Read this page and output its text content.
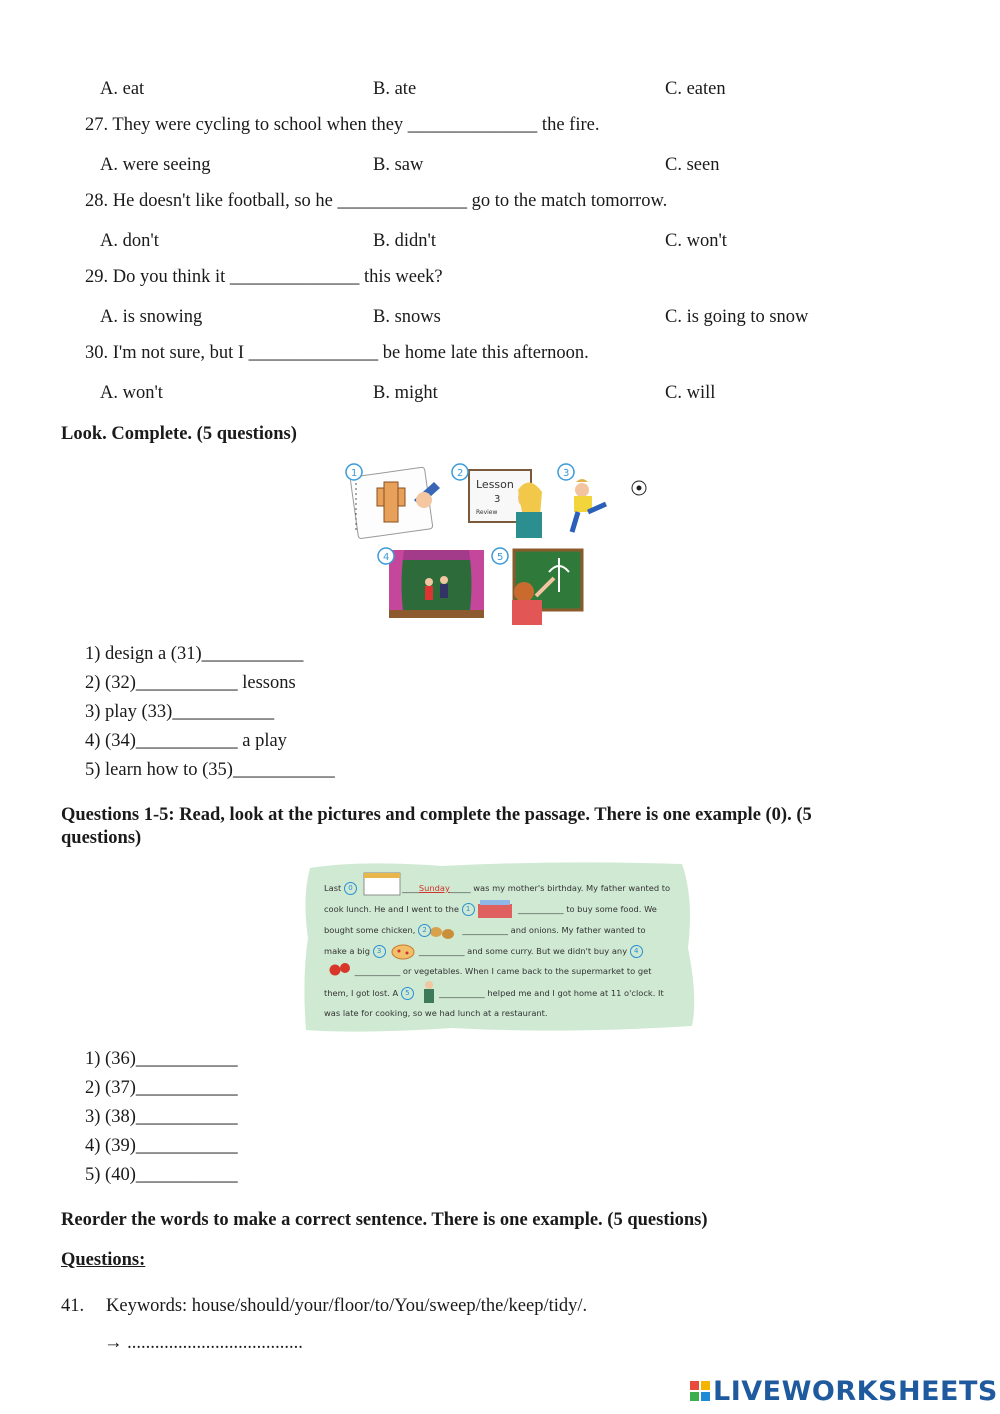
A. eat	B. ate	C. eaten
27. They were cycling to school when they ______________ the fire.
A. were seeing	B. saw	C. seen
28. He doesn't like football, so he ______________ go to the match tomorrow.
A. don't	B. didn't	C. won't
29. Do you think it ______________ this week?
A. is snowing	B. snows	C. is going to snow
30. I'm not sure, but I ______________ be home late this afternoon.
A. won't	B. might	C. will
Look. Complete. (5 questions)
Lesson
3
Review
1	2	3
4	5
1) design a (31)___________
2) (32)___________ lessons
3) play (33)___________
4) (34)___________ a play
5) learn how to (35)___________
Questions 1-5: Read, look at the pictures and complete the passage. There is one example (0). (5
questions)
Last 0	____Sunday_____ was my mother's birthday. My father wanted to
cook lunch. He and I went to the 1	___________ to buy some food. We
bought some chicken, 2	___________ and onions. My father wanted to
make a big 3	___________ and some curry. But we didn't buy any 4
___________ or vegetables. When I came back to the supermarket to get
them, I got lost. A 5	___________ helped me and I got home at 11 o'clock. It
was late for cooking, so we had lunch at a restaurant.
1) (36)___________
2) (37)___________
3) (38)___________
4) (39)___________
5) (40)___________
Reorder the words to make a correct sentence. There is one example. (5 questions)
Questions:
41. Keywords: house/should/your/floor/to/You/sweep/the/keep/tidy/.
→ ......................................
LIVEWORKSHEETS
